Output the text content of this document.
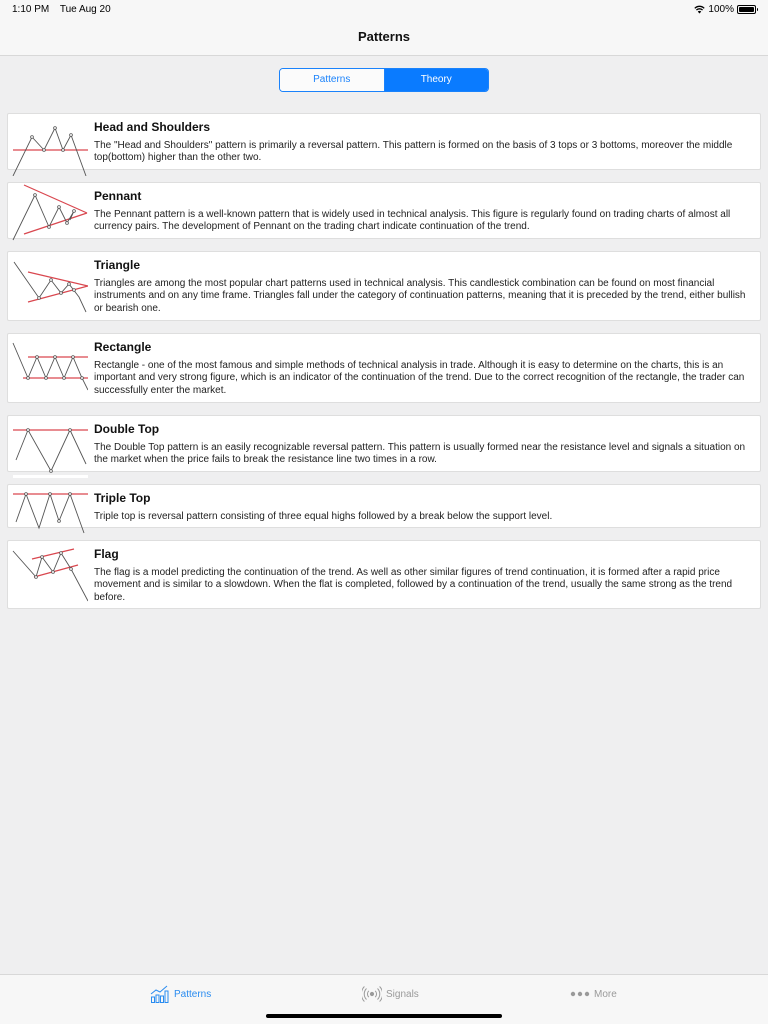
1:10 PM Tue Aug 20	100%
Patterns
Patterns	Theory
Head and Shoulders
The "Head and Shoulders" pattern is primarily a reversal pattern. This pattern is formed on the basis of 3 tops or 3 bottoms, moreover the middle top(bottom) higher than the other two.
Pennant
The Pennant pattern is a well-known pattern that is widely used in technical analysis. This figure is regularly found on trading charts of almost all currency pairs. The development of Pennant on the trading chart indicate continuation of the trend.
Triangle
Triangles are among the most popular chart patterns used in technical analysis. This candlestick combination can be found on most financial instruments and on any time frame. Triangles fall under the category of continuation patterns, meaning that it is preceded by the trend, either bullish or bearish one.
Rectangle
Rectangle - one of the most famous and simple methods of technical analysis in trade. Although it is easy to determine on the charts, this is an important and very strong figure, which is an indicator of the continuation of the trend. Due to the correct recognition of the rectangle, the trader can successfully enter the market.
Double Top
The Double Top pattern is an easily recognizable reversal pattern. This pattern is usually formed near the resistance level and signals a situation on the market when the price fails to break the resistance line two times in a row.
Triple Top
Triple top is reversal pattern consisting of three equal highs followed by a break below the support level.
Flag
The flag is a model predicting the continuation of the trend. As well as other similar figures of trend continuation, it is formed after a rapid price movement and is similar to a slowdown. When the flat is completed, followed by a continuation of the trend, usually the same strong as the trend before.
Patterns	Signals	More
